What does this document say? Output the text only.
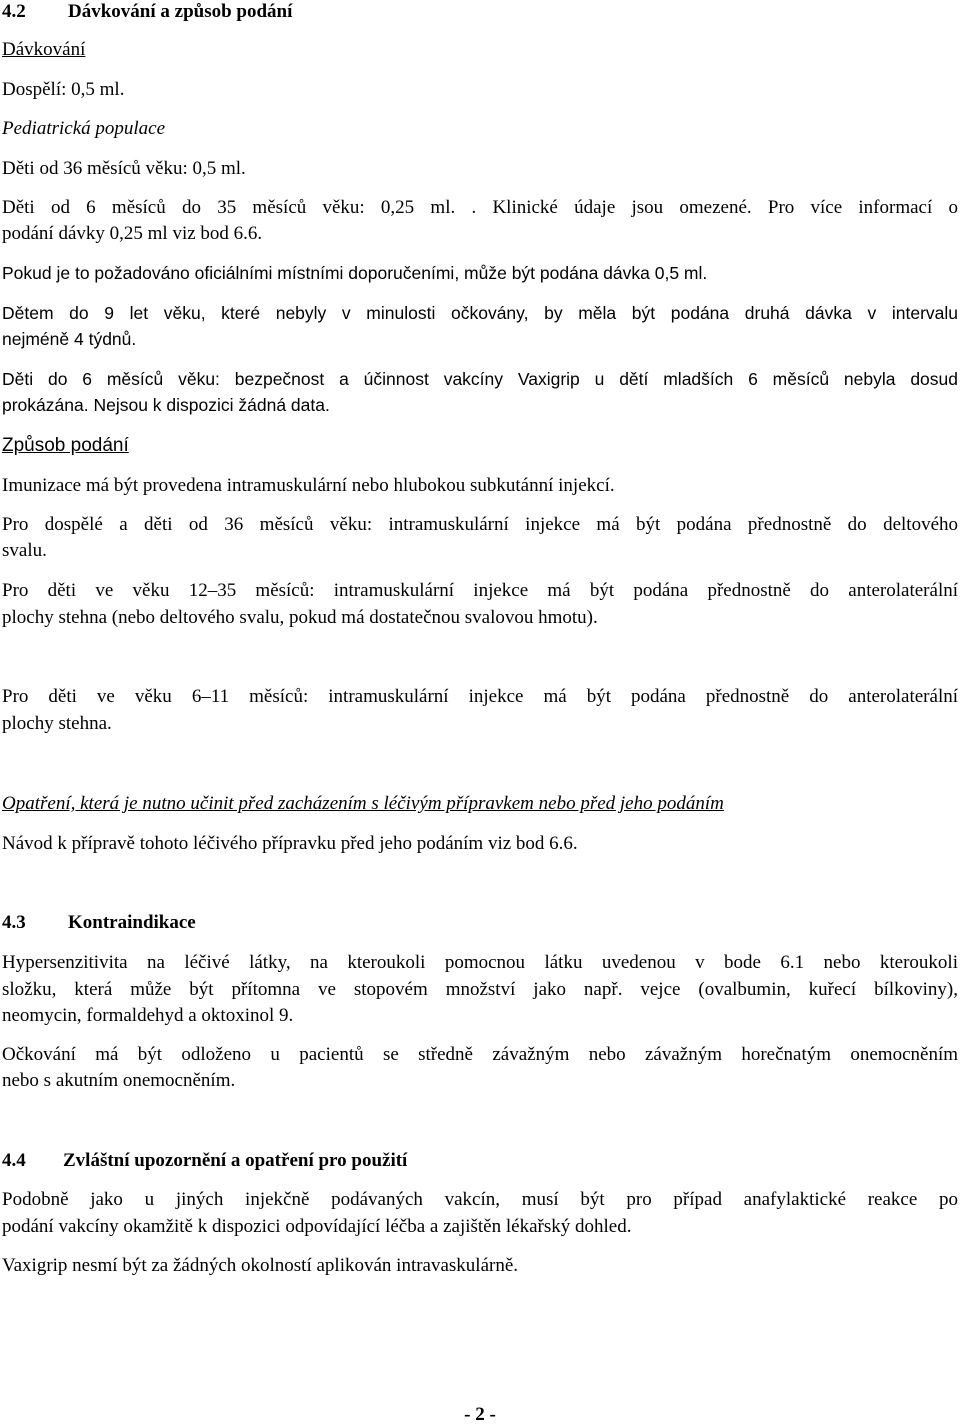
4.2 Dávkování a způsob podání
Dávkování
Dospělí: 0,5 ml.
Pediatrická populace
Děti od 36 měsíců věku: 0,5 ml.
Děti od 6 měsíců do 35 měsíců věku: 0,25 ml. . Klinické údaje jsou omezené. Pro více informací o
podání dávky 0,25 ml viz bod 6.6.
Pokud je to požadováno oficiálními místními doporučeními, může být podána dávka 0,5 ml.
Dětem do 9 let věku, které nebyly v minulosti očkovány, by měla být podána druhá dávka v intervalu
nejméně 4 týdnů.
Děti do 6 měsíců věku: bezpečnost a účinnost vakcíny Vaxigrip u dětí mladších 6 měsíců nebyla dosud
prokázána. Nejsou k dispozici žádná data.
Způsob podání
Imunizace má být provedena intramuskulární nebo hlubokou subkutánní injekcí.
Pro dospělé a děti od 36 měsíců věku: intramuskulární injekce má být podána přednostně do deltového
svalu.
Pro děti ve věku 12–35 měsíců: intramuskulární injekce má být podána přednostně do anterolaterální
plochy stehna (nebo deltového svalu, pokud má dostatečnou svalovou hmotu).
Pro děti ve věku 6–11 měsíců: intramuskulární injekce má být podána přednostně do anterolaterální
plochy stehna.
Opatření, která je nutno učinit před zacházením s léčivým přípravkem nebo před jeho podáním
Návod k přípravě tohoto léčivého přípravku před jeho podáním viz bod 6.6.
4.3 Kontraindikace
Hypersenzitivita na léčivé látky, na kteroukoli pomocnou látku uvedenou v bode 6.1 nebo kteroukoli
složku, která může být přítomna ve stopovém množství jako např. vejce (ovalbumin, kuřecí bílkoviny),
neomycin, formaldehyd a oktoxinol 9.
Očkování má být odloženo u pacientů se středně závažným nebo závažným horečnatým onemocněním
nebo s akutním onemocněním.
4.4 Zvláštní upozornění a opatření pro použití
Podobně jako u jiných injekčně podávaných vakcín, musí být pro případ anafylaktické reakce po
podání vakcíny okamžitě k dispozici odpovídající léčba a zajištěn lékařský dohled.
Vaxigrip nesmí být za žádných okolností aplikován intravaskulárně.
- 2 -
